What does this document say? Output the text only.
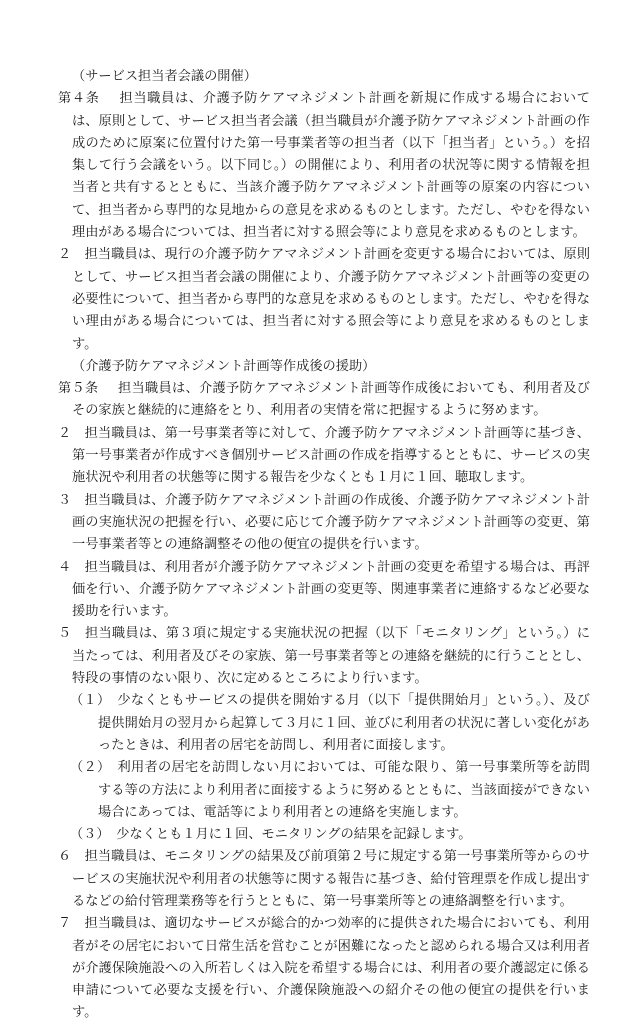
（サービス担当者会議の開催）

第４条　担当職員は、介護予防ケアマネジメント計画を新規に作成する場合においては、原則として、サービス担当者会議（担当職員が介護予防ケアマネジメント計画の作成のために原案に位置付けた第一号事業者等の担当者（以下「担当者」という。）を招集して行う会議をいう。以下同じ。）の開催により、利用者の状況等に関する情報を担当者と共有するとともに、当該介護予防ケアマネジメント計画等の原案の内容について、担当者から専門的な見地からの意見を求めるものとします。ただし、やむを得ない理由がある場合については、担当者に対する照会等により意見を求めるものとします。

２　担当職員は、現行の介護予防ケアマネジメント計画を変更する場合においては、原則として、サービス担当者会議の開催により、介護予防ケアマネジメント計画等の変更の必要性について、担当者から専門的な意見を求めるものとします。ただし、やむを得ない理由がある場合については、担当者に対する照会等により意見を求めるものとします。

（介護予防ケアマネジメント計画等作成後の援助）

第５条　担当職員は、介護予防ケアマネジメント計画等作成後においても、利用者及びその家族と継続的に連絡をとり、利用者の実情を常に把握するように努めます。

２　担当職員は、第一号事業者等に対して、介護予防ケアマネジメント計画等に基づき、第一号事業者が作成すべき個別サービス計画の作成を指導するとともに、サービスの実施状況や利用者の状態等に関する報告を少なくとも１月に１回、聴取します。

３　担当職員は、介護予防ケアマネジメント計画の作成後、介護予防ケアマネジメント計画の実施状況の把握を行い、必要に応じて介護予防ケアマネジメント計画等の変更、第一号事業者等との連絡調整その他の便宜の提供を行います。

４　担当職員は、利用者が介護予防ケアマネジメント計画の変更を希望する場合は、再評価を行い、介護予防ケアマネジメント計画の変更等、関連事業者に連絡するなど必要な援助を行います。

５　担当職員は、第３項に規定する実施状況の把握（以下「モニタリング」という。）に当たっては、利用者及びその家族、第一号事業者等との連絡を継続的に行うこととし、特段の事情のない限り、次に定めるところにより行います。

（１）　少なくともサービスの提供を開始する月（以下「提供開始月」という。）、及び提供開始月の翌月から起算して３月に１回、並びに利用者の状況に著しい変化があったときは、利用者の居宅を訪問し、利用者に面接します。

（２）　利用者の居宅を訪問しない月においては、可能な限り、第一号事業所等を訪問する等の方法により利用者に面接するように努めるとともに、当該面接ができない場合にあっては、電話等により利用者との連絡を実施します。

（３）　少なくとも１月に１回、モニタリングの結果を記録します。

６　担当職員は、モニタリングの結果及び前項第２号に規定する第一号事業所等からのサービスの実施状況や利用者の状態等に関する報告に基づき、給付管理票を作成し提出するなどの給付管理業務等を行うとともに、第一号事業所等との連絡調整を行います。

７　担当職員は、適切なサービスが総合的かつ効率的に提供された場合においても、利用者がその居宅において日常生活を営むことが困難になったと認められる場合又は利用者が介護保険施設への入所若しくは入院を希望する場合には、利用者の要介護認定に係る申請について必要な支援を行い、介護保険施設への紹介その他の便宜の提供を行います。
